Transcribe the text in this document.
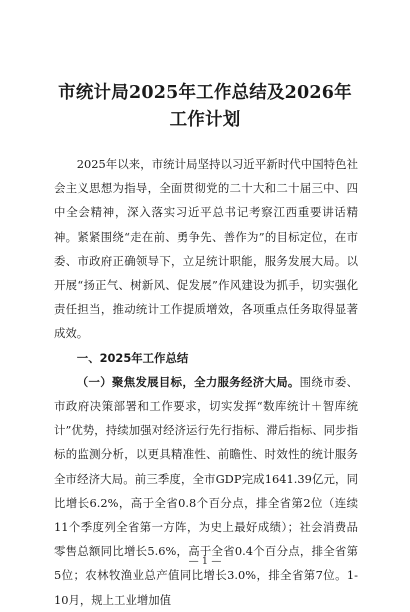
市统计局2025年工作总结及2026年工作计划

2025年以来，市统计局坚持以习近平新时代中国特色社会主义思想为指导，全面贯彻党的二十大和二十届三中、四中全会精神，深入落实习近平总书记考察江西重要讲话精神。紧紧围绕“走在前、勇争先、善作为”的目标定位，在市委、市政府正确领导下，立足统计职能，服务发展大局。以开展“扬正气、树新风、促发展”作风建设为抓手，切实强化责任担当，推动统计工作提质增效，各项重点任务取得显著成效。

一、2025年工作总结

（一）聚焦发展目标，全力服务经济大局。围绕市委、市政府决策部署和工作要求，切实发挥“数库统计＋智库统计”优势，持续加强对经济运行先行指标、滞后指标、同步指标的监测分析，以更具精准性、前瞻性、时效性的统计服务全市经济大局。前三季度，全市GDP完成1641.39亿元，同比增长6.2%，高于全省0.8个百分点，排全省第2位（连续11个季度列全省第一方阵，为史上最好成绩）；社会消费品零售总额同比增长5.6%，高于全省0.4个百分点，排全省第5位；农林牧渔业总产值同比增长3.0%，排全省第7位。1-10月，规上工业增加值

— 1 —
